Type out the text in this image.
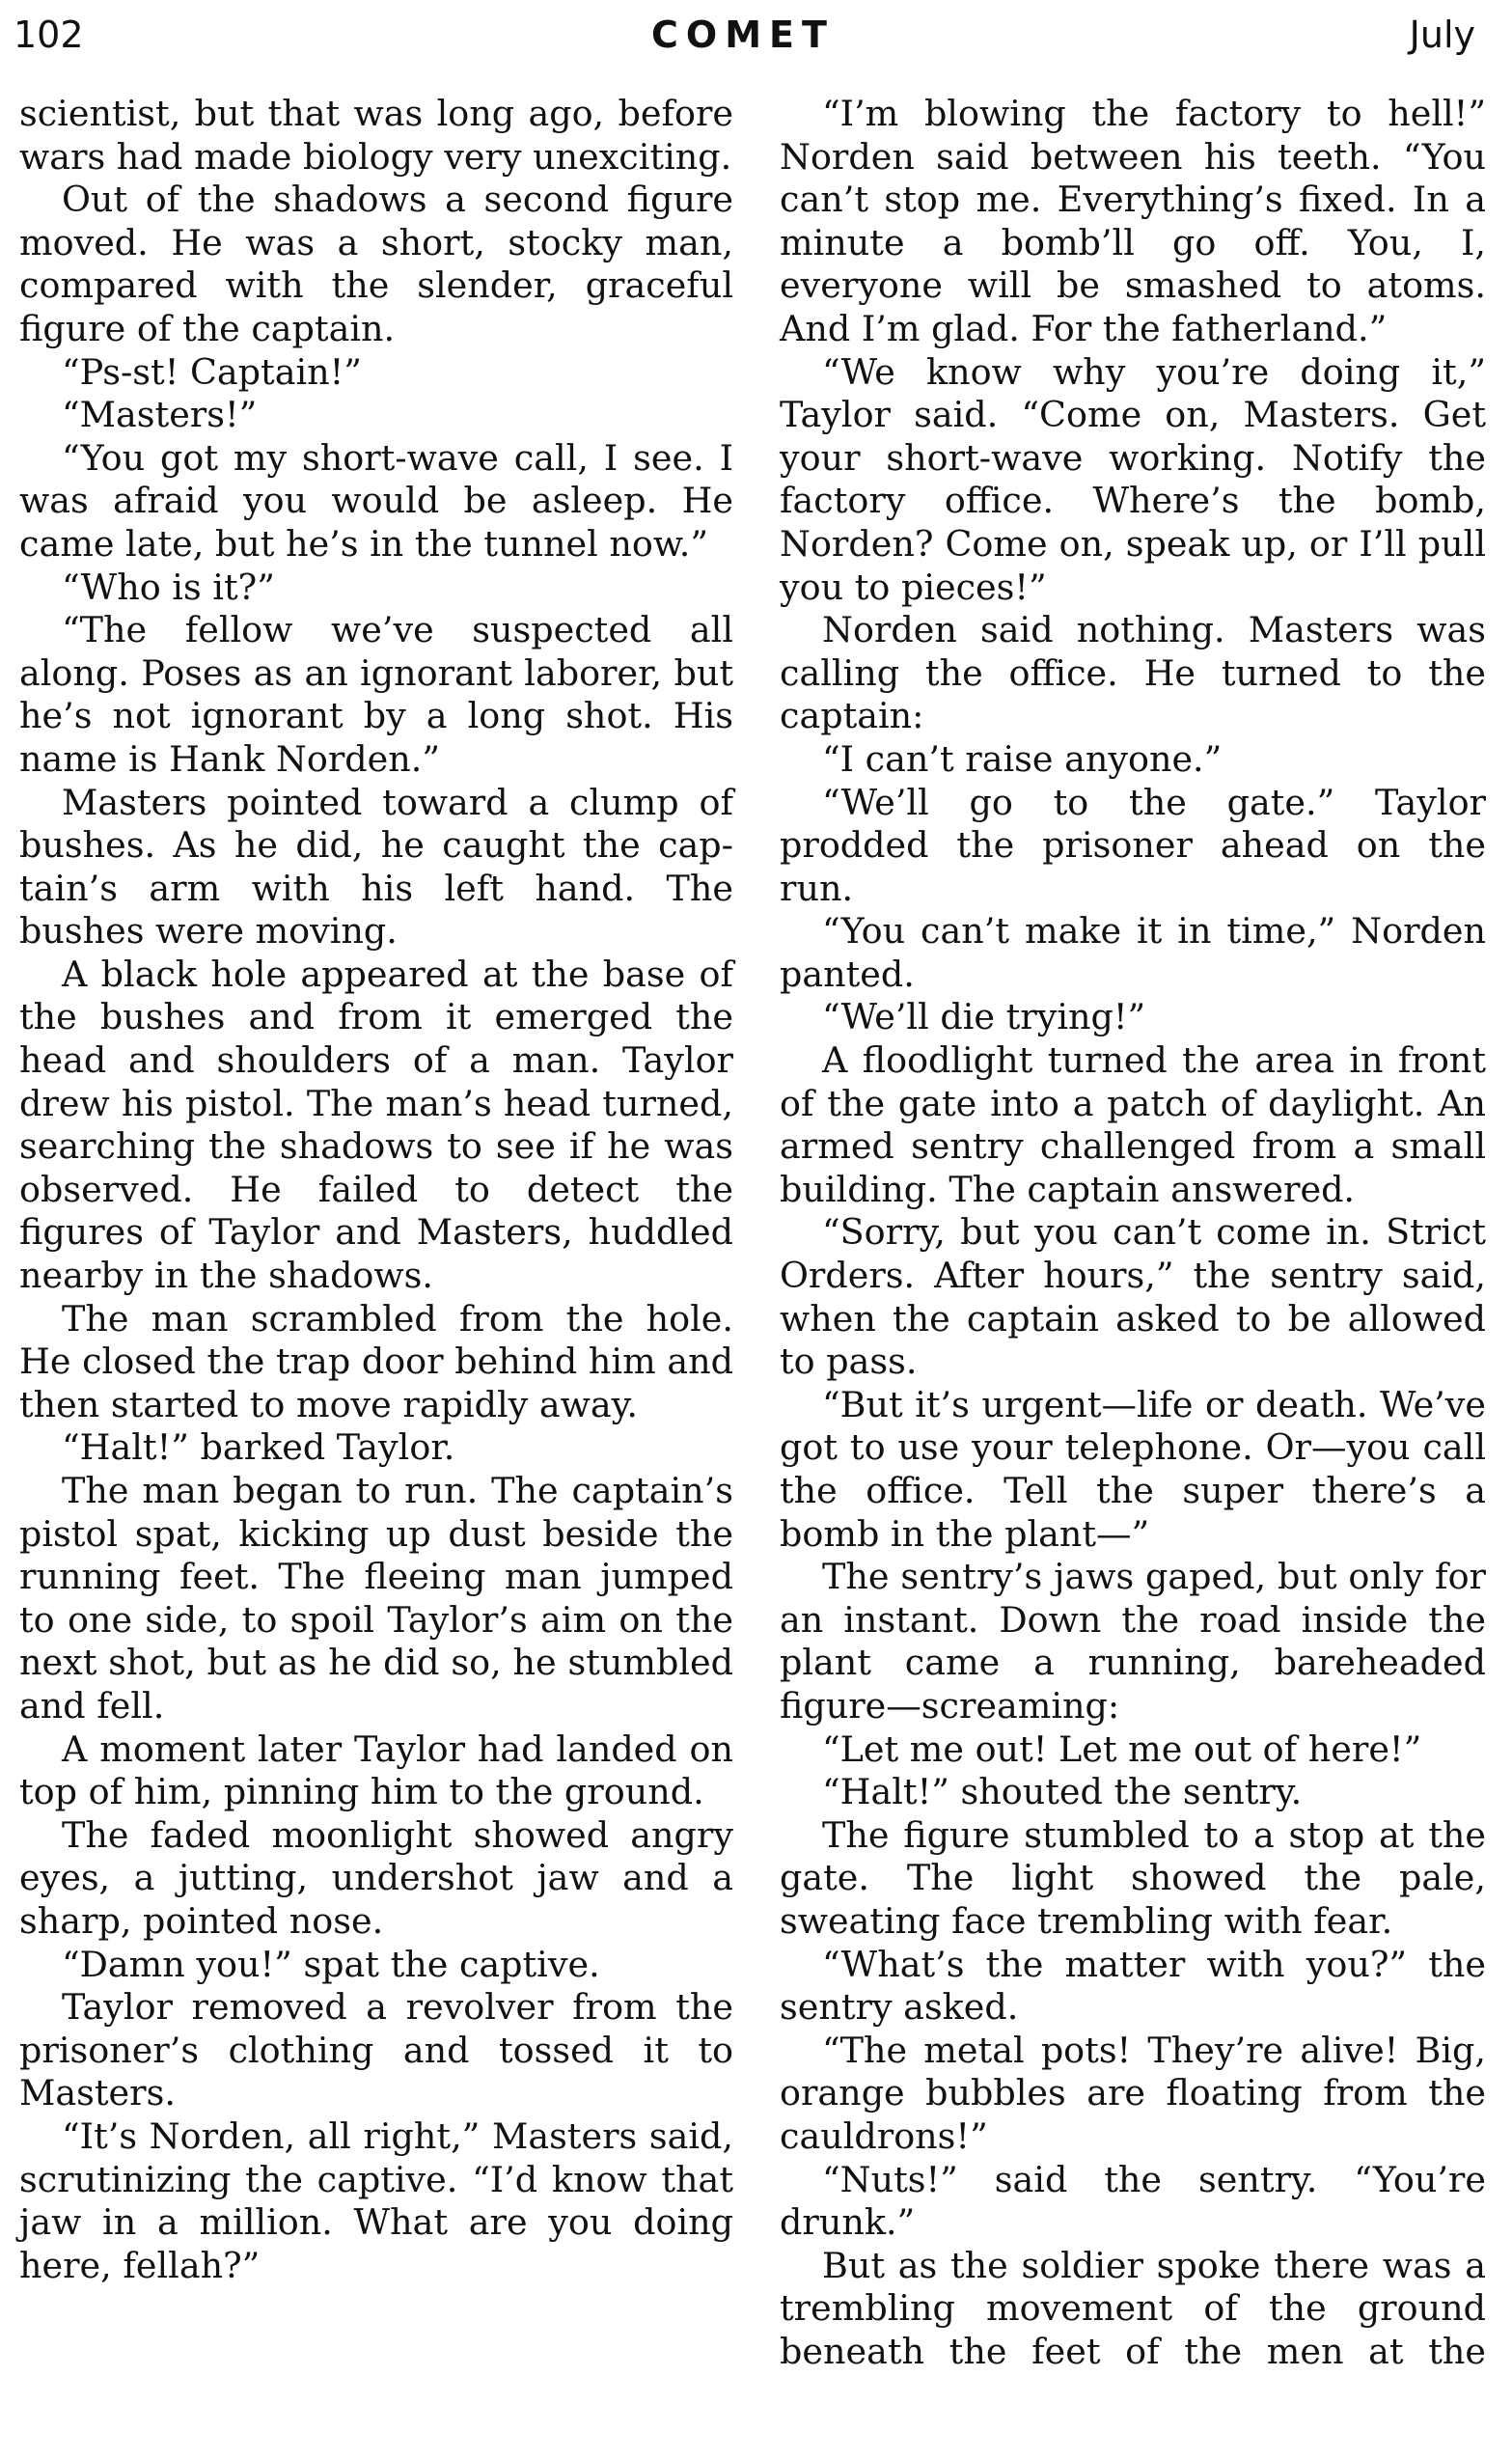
102	COMET	July

scientist, but that was long ago, before wars had made biology very unexciting.

Out of the shadows a second figure moved. He was a short, stocky man, compared with the slender, graceful figure of the captain.

“Ps-st! Captain!”

“Masters!”

“You got my short-wave call, I see. I was afraid you would be asleep. He came late, but he’s in the tunnel now.”

“Who is it?”

“The fellow we’ve suspected all along. Poses as an ignorant laborer, but he’s not ignorant by a long shot. His name is Hank Norden.”

Masters pointed toward a clump of bushes. As he did, he caught the captain’s arm with his left hand. The bushes were moving.

A black hole appeared at the base of the bushes and from it emerged the head and shoulders of a man. Taylor drew his pistol. The man’s head turned, searching the shadows to see if he was observed. He failed to detect the figures of Taylor and Masters, huddled nearby in the shadows.

The man scrambled from the hole. He closed the trap door behind him and then started to move rapidly away.

“Halt!” barked Taylor.

The man began to run. The captain’s pistol spat, kicking up dust beside the running feet. The fleeing man jumped to one side, to spoil Taylor’s aim on the next shot, but as he did so, he stumbled and fell.

A moment later Taylor had landed on top of him, pinning him to the ground.

The faded moonlight showed angry eyes, a jutting, undershot jaw and a sharp, pointed nose.

“Damn you!” spat the captive.

Taylor removed a revolver from the prisoner’s clothing and tossed it to Masters.

“It’s Norden, all right,” Masters said, scrutinizing the captive. “I’d know that jaw in a million. What are you doing here, fellah?”

“I’m blowing the factory to hell!” Norden said between his teeth. “You can’t stop me. Everything’s fixed. In a minute a bomb’ll go off. You, I, everyone will be smashed to atoms. And I’m glad. For the fatherland.”

“We know why you’re doing it,” Taylor said. “Come on, Masters. Get your short-wave working. Notify the factory office. Where’s the bomb, Norden? Come on, speak up, or I’ll pull you to pieces!”

Norden said nothing. Masters was calling the office. He turned to the captain:

“I can’t raise anyone.”

“We’ll go to the gate.” Taylor prodded the prisoner ahead on the run.

“You can’t make it in time,” Norden panted.

“We’ll die trying!”

A floodlight turned the area in front of the gate into a patch of daylight. An armed sentry challenged from a small building. The captain answered.

“Sorry, but you can’t come in. Strict Orders. After hours,” the sentry said, when the captain asked to be allowed to pass.

“But it’s urgent—life or death. We’ve got to use your telephone. Or—you call the office. Tell the super there’s a bomb in the plant—”

The sentry’s jaws gaped, but only for an instant. Down the road inside the plant came a running, bareheaded figure—screaming:

“Let me out! Let me out of here!”

“Halt!” shouted the sentry.

The figure stumbled to a stop at the gate. The light showed the pale, sweating face trembling with fear.

“What’s the matter with you?” the sentry asked.

“The metal pots! They’re alive! Big, orange bubbles are floating from the cauldrons!”

“Nuts!” said the sentry. “You’re drunk.”

But as the soldier spoke there was a trembling movement of the ground beneath the feet of the men at the
